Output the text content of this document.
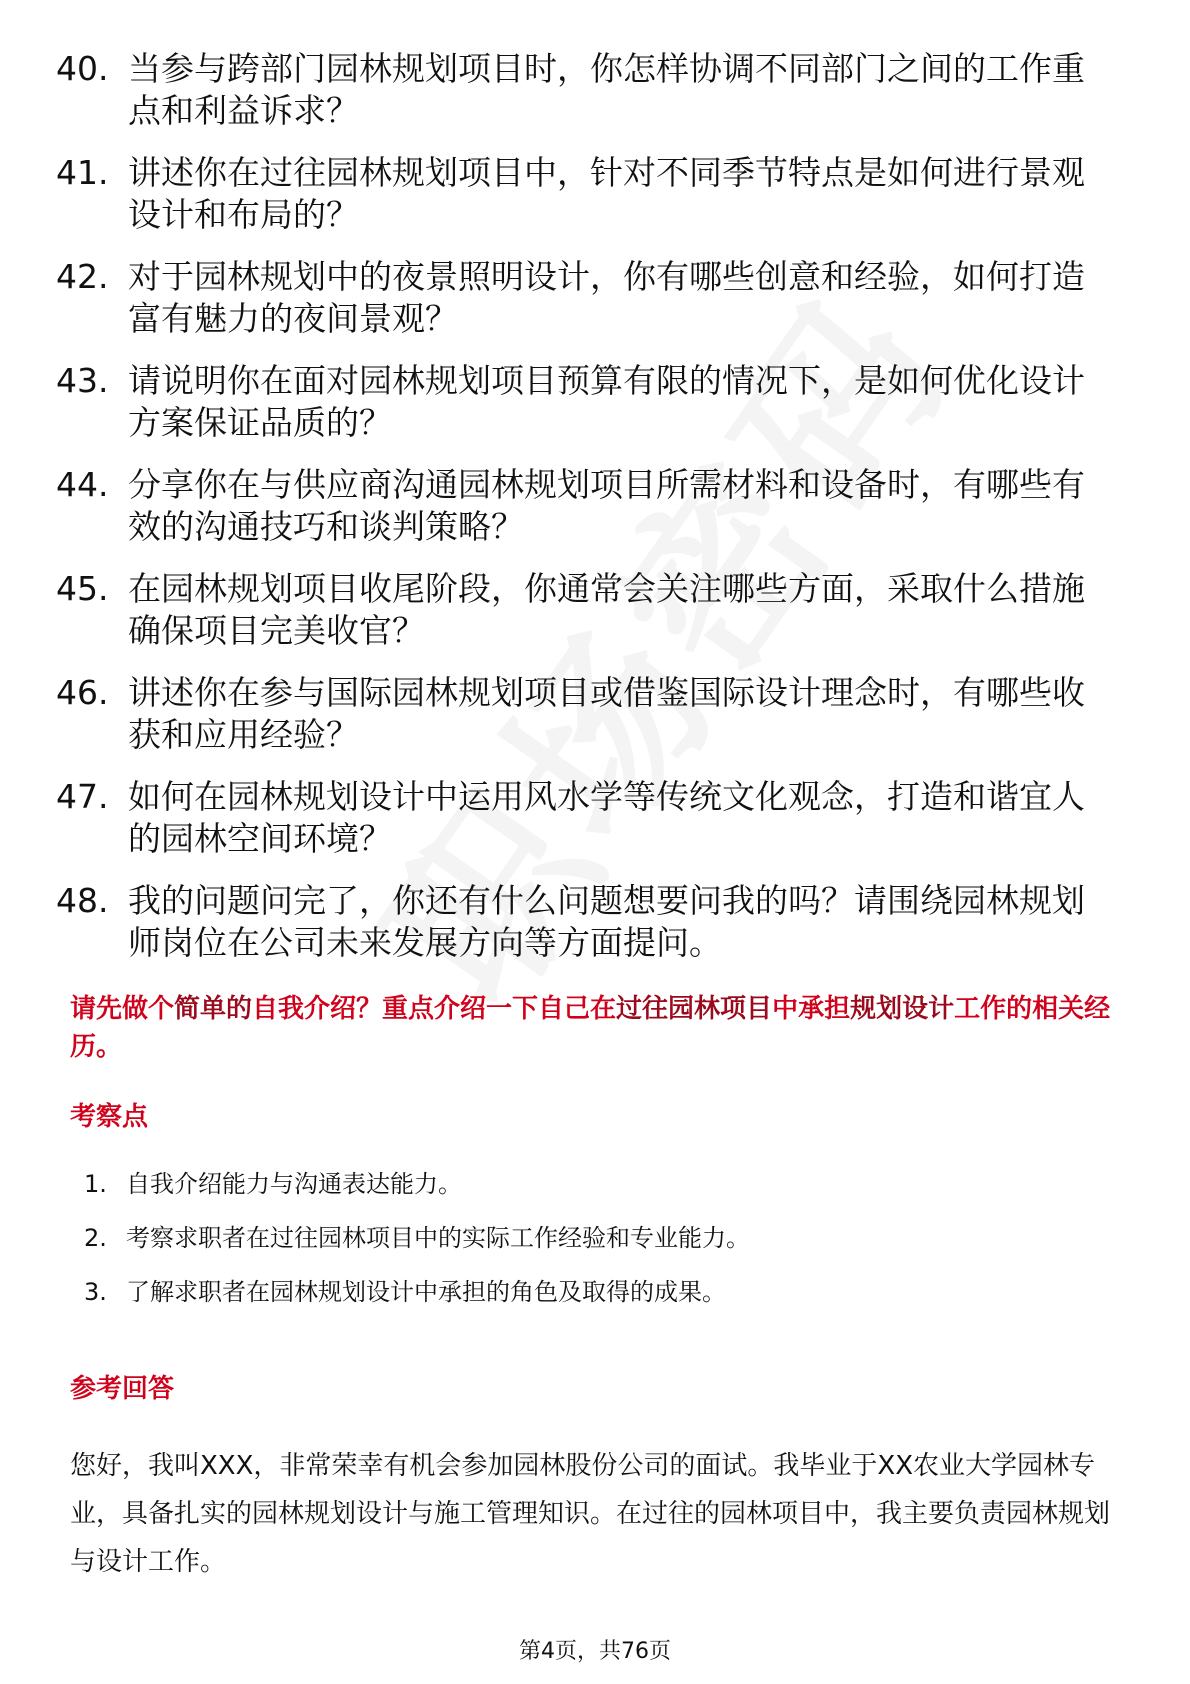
40. 当参与跨部门园林规划项目时，你怎样协调不同部门之间的工作重点和利益诉求？
41. 讲述你在过往园林规划项目中，针对不同季节特点是如何进行景观设计和布局的？
42. 对于园林规划中的夜景照明设计，你有哪些创意和经验，如何打造富有魅力的夜间景观？
43. 请说明你在面对园林规划项目预算有限的情况下，是如何优化设计方案保证品质的？
44. 分享你在与供应商沟通园林规划项目所需材料和设备时，有哪些有效的沟通技巧和谈判策略？
45. 在园林规划项目收尾阶段，你通常会关注哪些方面，采取什么措施确保项目完美收官？
46. 讲述你在参与国际园林规划项目或借鉴国际设计理念时，有哪些收获和应用经验？
47. 如何在园林规划设计中运用风水学等传统文化观念，打造和谐宜人的园林空间环境？
48. 我的问题问完了，你还有什么问题想要问我的吗？请围绕园林规划师岗位在公司未来发展方向等方面提问。
请先做个简单的自我介绍？重点介绍一下自己在过往园林项目中承担规划设计工作的相关经历。
考察点
1. 自我介绍能力与沟通表达能力。
2. 考察求职者在过往园林项目中的实际工作经验和专业能力。
3. 了解求职者在园林规划设计中承担的角色及取得的成果。
参考回答
您好，我叫XXX，非常荣幸有机会参加园林股份公司的面试。我毕业于XX农业大学园林专业，具备扎实的园林规划设计与施工管理知识。在过往的园林项目中，我主要负责园林规划与设计工作。
第4页，共76页
